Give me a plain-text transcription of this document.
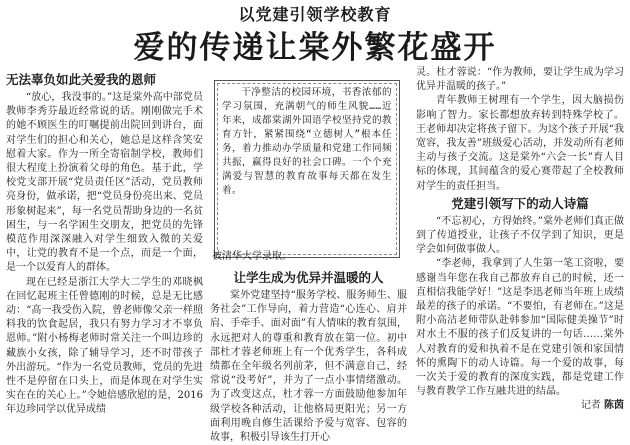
以党建引领学校教育
爱的传递让棠外繁花盛开
无法辜负如此关爱我的恩师

“放心，我没事的。”这是棠外高中部党员教师李秀芬最近经常说的话。刚刚做完手术的她不顾医生的叮嘱提前出院回到讲台，面对学生们的担心和关心，她总是这样含笑安慰着大家。作为一所全寄宿制学校，教师们很大程度上扮演着父母的角色。基于此，学校党支部开展“党员责任区”活动，党员教师亮身份，做承诺，把“党员身份亮出来、党员形象树起来”，每一名党员帮助身边的一名贫困生，与一名学困生交朋友，把党员的先锋模范作用深深融入对学生细致入微的关爱中，让党的教育不是一个点，而是一个面，是一个以爱育人的群体。

现在已经是浙江大学大二学生的邓晓枫在回忆起班主任曾德刚的时候，总是无比感动：“高一我受伤入院，曾老师像父亲一样照料我的饮食起居，我只有努力学习才不辜负恩师。”附小杨梅老师时常关注一个叫边珍的藏族小女孩，除了辅导学习，还不时带孩子外出游玩。“作为一名党员教师，党员的先进性不是停留在口头上，而是体现在对学生实实在在的关心上。”令她倍感欣慰的是，2016年边珍同学以优异成绩

干净整洁的校园环境，书香浓郁的学习氛围，充满朝气的师生风貌……近年来，成都棠湖外国语学校坚持党的教育方针，紧紧围绕“立德树人”根本任务，着力推动办学质量和党建工作同频共振，赢得良好的社会口碑。一个个充满爱与智慧的教育故事每天都在发生着。
被清华大学录取。
让学生成为优异并温暖的人

棠外党建坚持“服务学校、服务师生、服务社会”工作导向，着力营造“心连心、肩并肩、手牵手、面对面”有人情味的教育氛围，永远把对人的尊重和教育放在第一位。初中部杜才蓉老师班上有一个优秀学生，各科成绩都在全年级名列前茅，但不满意自己，经常说“没考好”，并为了一点小事情绪激动。为了改变这点，杜才蓉一方面鼓励他参加年级学校各种活动，让他格局更阳光；另一方面利用晚自修生活课给予爱与宽容、包容的故事，积极引导该生打开心

灵。杜才蓉说：“作为教师，要让学生成为学习优异并温暖的孩子。”

青年教师王树理有一个学生，因大脑损伤影响了智力。家长都想放弃转到特殊学校了。王老师却决定将孩子留下。为这个孩子开展“我宽容，我友善”班级爱心活动，并发动所有老师主动与孩子交流。这是棠外“六会一长”育人目标的体现，其间蕴含的爱心赛带起了全校教师对学生的责任担当。

党建引领写下的动人诗篇

“不忘初心，方得始终。”棠外老师们真正做到了传道授业，让孩子不仅学到了知识，更是学会如何做事做人。

“李老师，我拿到了人生第一笔工资啦，要感谢当年您在我自己都放弃自己的时候，还一直相信我能学好！”这是李迅老师当年班上成绩最差的孩子的承诺。“不要怕，有老师在。”这是附小高洁老师带队赴韩参加“国际健美操节”时对水土不服的孩子们反复讲的一句话……棠外人对教育的爱和执着不是在党建引领和家国情怀的熏陶下的动人诗篇。每一个爱的故事，每一次关于爱的教育的深度实践，都是党建工作与教育教学工作互融共进的结晶。

记者 陈茵
